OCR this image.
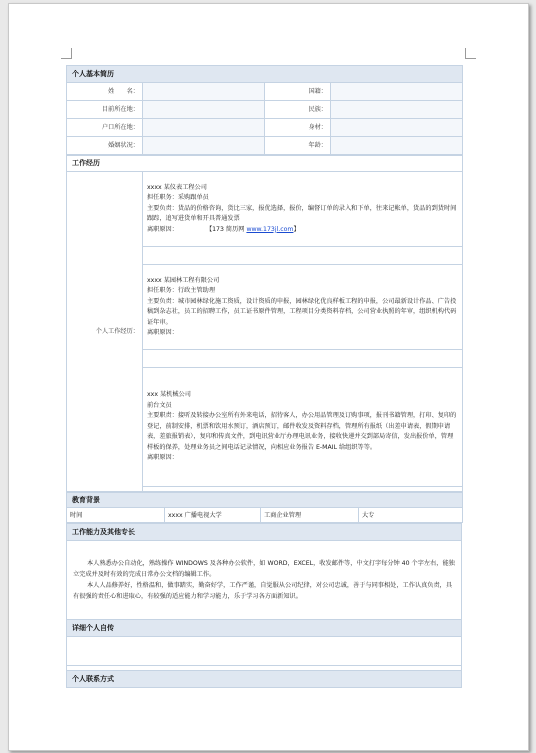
个人基本简历			
姓　　名：		国籍：	
目前所在地：		民族：	
户口所在地：		身材：	
婚姻状况：		年龄：	
工作经历
个人工作经历：	
xxxx 某仪表工程公司
担任职务：采购跟单员
主要负责：货品的价格咨询，货比三家，报优选择，报价，编督订单的录入和下单，往来记帐单，货品的到货时间跟踪，追写进货单和开具普通发票
离职原因：	【173 简历网 www.173jl.com】

xxxx 某园林工程有限公司
担任职务：行政主管助理
主要负责：城市园林绿化施工资质，设计资质的申报，园林绿化优良样板工程的申报，公司最新设计作品、广告投稿到杂志社，员工的招聘工作，员工证书原件管理，工程项目分类资料存档，公司营业执照的年审，组织机构代码证年审。
离职原因：

xxx 某机械公司
前台文员
主要职责：接听及转接办公室所有外来电话，招待客人，办公用品管理及订购事项，报刊书籍管理，打印、复印的登记，前制安排，机票和饮用水预订，酒店预订，邮件收发及资料存档，管理所有报纸（出差申请表，假期申请表，差旅报销表），复印和传真文件，到电讯营业厅办理电讯业务，接收快递并交到部局寄信，发出报价单，管理样板的保养，处理业务员之间电话记录情况，向相应业务报告 E-MAIL 给组织等等。
离职原因：

教育背景
时间	xxxx 广播电视大学	工商企业管理	大专
工作能力及其他专长

本人熟悉办公自动化，熟练操作 WINDOWS 及各种办公软件，如 WORD，EXCEL，收发邮件等，中文打字每分钟 40 个字左右，能独立完成并及时有效的完成日常办公文档的编辑工作。

本人人品修养好，性格温和，做事踏实，勤奋好学，工作严谨，自觉服从公司纪律，对公司忠诚，善于与同事相处，工作认真负责，具有很强的责任心和进取心，有较强的适应能力和学习能力，乐于学习各方面新知识。

详细个人自传

个人联系方式
